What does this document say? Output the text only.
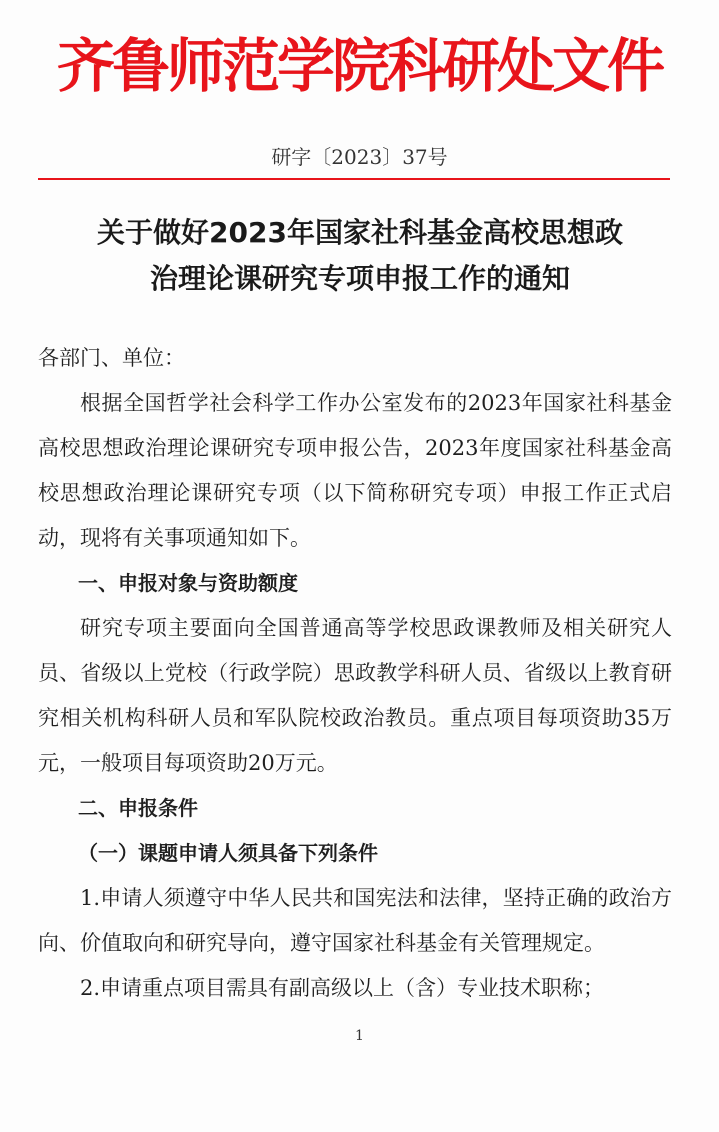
齐鲁师范学院科研处文件
研字〔2023〕37号
关于做好2023年国家社科基金高校思想政
治理论课研究专项申报工作的通知

各部门、单位：

根据全国哲学社会科学工作办公室发布的2023年国家社科基金高校思想政治理论课研究专项申报公告，2023年度国家社科基金高校思想政治理论课研究专项（以下简称研究专项）申报工作正式启动，现将有关事项通知如下。

一、申报对象与资助额度

研究专项主要面向全国普通高等学校思政课教师及相关研究人员、省级以上党校（行政学院）思政教学科研人员、省级以上教育研究相关机构科研人员和军队院校政治教员。重点项目每项资助35万元，一般项目每项资助20万元。

二、申报条件

（一）课题申请人须具备下列条件

1.申请人须遵守中华人民共和国宪法和法律，坚持正确的政治方向、价值取向和研究导向，遵守国家社科基金有关管理规定。

2.申请重点项目需具有副高级以上（含）专业技术职称；

1
